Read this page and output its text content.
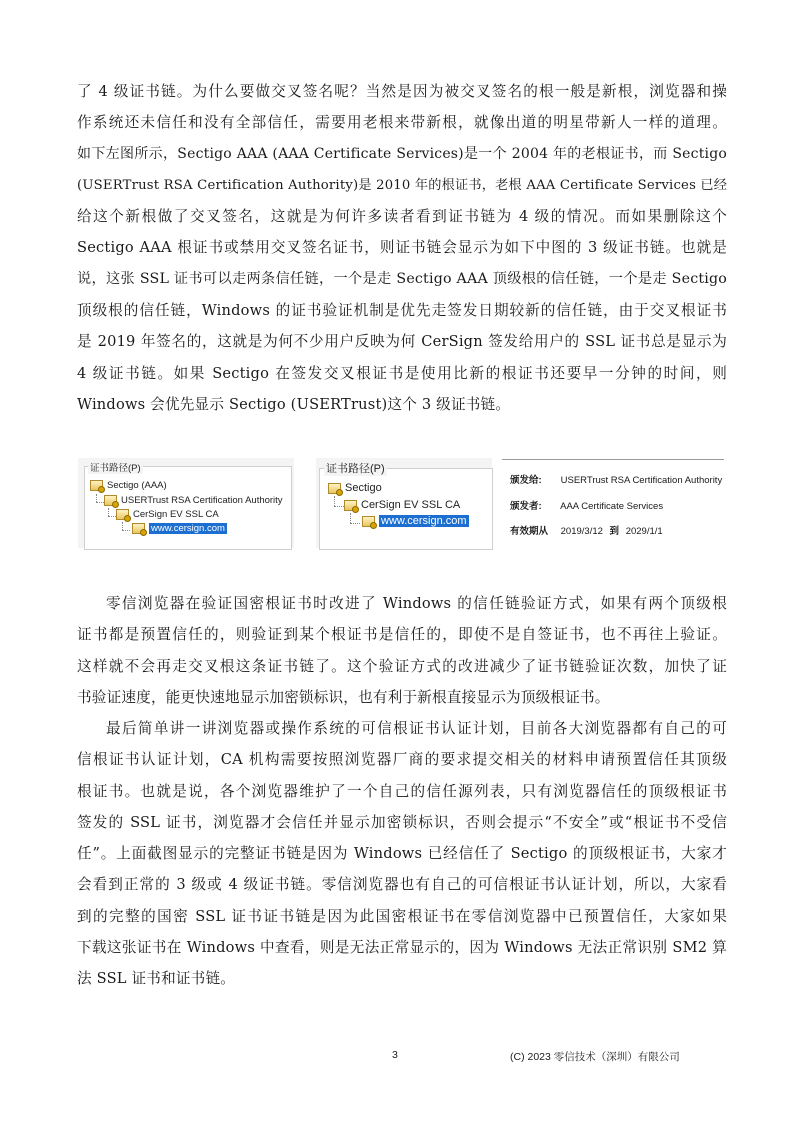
了 4 级证书链。为什么要做交叉签名呢？当然是因为被交叉签名的根一般是新根，浏览器和操
作系统还未信任和没有全部信任，需要用老根来带新根，就像出道的明星带新人一样的道理。
如下左图所示，Sectigo AAA (AAA Certificate Services)是一个 2004 年的老根证书，而 Sectigo
(USERTrust RSA Certification Authority)是 2010 年的根证书，老根 AAA Certificate Services 已经
给这个新根做了交叉签名，这就是为何许多读者看到证书链为 4 级的情况。而如果删除这个
Sectigo AAA 根证书或禁用交叉签名证书，则证书链会显示为如下中图的 3 级证书链。也就是
说，这张 SSL 证书可以走两条信任链，一个是走 Sectigo AAA 顶级根的信任链，一个是走 Sectigo
顶级根的信任链，Windows 的证书验证机制是优先走签发日期较新的信任链，由于交叉根证书
是 2019 年签名的，这就是为何不少用户反映为何 CerSign 签发给用户的 SSL 证书总是显示为
4 级证书链。如果 Sectigo 在签发交叉根证书是使用比新的根证书还要早一分钟的时间，则
Windows 会优先显示 Sectigo (USERTrust)这个 3 级证书链。
证书路径(P)
Sectigo (AAA)
USERTrust RSA Certification Authority
CerSign EV SSL CA
www.cersign.com
证书路径(P)
Sectigo
CerSign EV SSL CA
www.cersign.com
颁发给: USERTrust RSA Certification Authority
颁发者: AAA Certificate Services
有效期从 2019/3/12 到 2029/1/1
零信浏览器在验证国密根证书时改进了 Windows 的信任链验证方式，如果有两个顶级根
证书都是预置信任的，则验证到某个根证书是信任的，即使不是自签证书，也不再往上验证。
这样就不会再走交叉根这条证书链了。这个验证方式的改进减少了证书链验证次数，加快了证
书验证速度，能更快速地显示加密锁标识，也有利于新根直接显示为顶级根证书。
最后简单讲一讲浏览器或操作系统的可信根证书认证计划，目前各大浏览器都有自己的可
信根证书认证计划，CA 机构需要按照浏览器厂商的要求提交相关的材料申请预置信任其顶级
根证书。也就是说，各个浏览器维护了一个自己的信任源列表，只有浏览器信任的顶级根证书
签发的 SSL 证书，浏览器才会信任并显示加密锁标识，否则会提示“不安全”或“根证书不受信
任”。上面截图显示的完整证书链是因为 Windows 已经信任了 Sectigo 的顶级根证书，大家才
会看到正常的 3 级或 4 级证书链。零信浏览器也有自己的可信根证书认证计划，所以，大家看
到的完整的国密 SSL 证书证书链是因为此国密根证书在零信浏览器中已预置信任，大家如果
下载这张证书在 Windows 中查看，则是无法正常显示的，因为 Windows 无法正常识别 SM2 算
法 SSL 证书和证书链。
3	(C) 2023 零信技术（深圳）有限公司
